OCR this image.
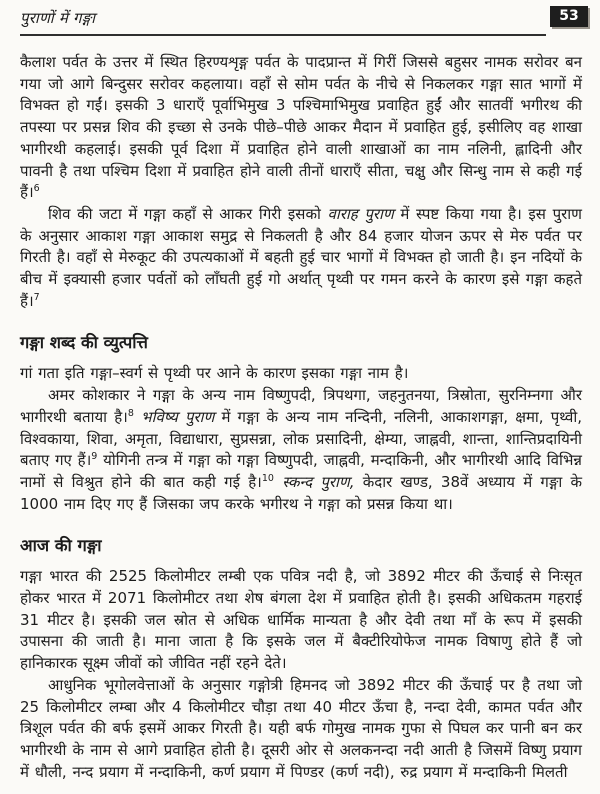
पुराणों में गङ्गा	53

कैलाश पर्वत के उत्तर में स्थित हिरण्यशृङ्ग पर्वत के पादप्रान्त में गिरीं जिससे बहुसर नामक सरोवर बन गया जो आगे बिन्दुसर सरोवर कहलाया। वहाँ से सोम पर्वत के नीचे से निकलकर गङ्गा सात भागों में विभक्त हो गईं। इसकी 3 धाराएँ पूर्वाभिमुख 3 पश्चिमाभिमुख प्रवाहित हुईं और सातवीं भगीरथ की तपस्या पर प्रसन्न शिव की इच्छा से उनके पीछे–पीछे आकर मैदान में प्रवाहित हुई, इसीलिए वह शाखा भागीरथी कहलाई। इसकी पूर्व दिशा में प्रवाहित होने वाली शाखाओं का नाम नलिनी, ह्लादिनी और पावनी है तथा पश्चिम दिशा में प्रवाहित होने वाली तीनों धाराएँ सीता, चक्षु और सिन्धु नाम से कही गई हैं।$^6$

शिव की जटा में गङ्गा कहाँ से आकर गिरी इसको वाराह पुराण में स्पष्ट किया गया है। इस पुराण के अनुसार आकाश गङ्गा आकाश समुद्र से निकलती है और 84 हजार योजन ऊपर से मेरु पर्वत पर गिरती है। वहाँ से मेरुकूट की उपत्यकाओं में बहती हुई चार भागों में विभक्त हो जाती है। इन नदियों के बीच में इक्यासी हजार पर्वतों को लाँघती हुई गो अर्थात् पृथ्वी पर गमन करने के कारण इसे गङ्गा कहते हैं।$^7$

गङ्गा शब्द की व्युत्पत्ति

गां गता इति गङ्गा–स्वर्ग से पृथ्वी पर आने के कारण इसका गङ्गा नाम है।

अमर कोशकार ने गङ्गा के अन्य नाम विष्णुपदी, त्रिपथगा, जहनुतनया, त्रिस्रोता, सुरनिम्नगा और भागीरथी बताया है।$^8$ भविष्य पुराण में गङ्गा के अन्य नाम नन्दिनी, नलिनी, आकाशगङ्गा, क्षमा, पृथ्वी, विश्वकाया, शिवा, अमृता, विद्याधारा, सुप्रसन्ना, लोक प्रसादिनी, क्षेम्या, जाह्नवी, शान्ता, शान्तिप्रदायिनी बताए गए हैं।$^9$ योगिनी तन्त्र में गङ्गा को गङ्गा विष्णुपदी, जाह्नवी, मन्दाकिनी, और भागीरथी आदि विभिन्न नामों से विश्रुत होने की बात कही गई है।$^{10}$ स्कन्द पुराण, केदार खण्ड, 38वें अध्याय में गङ्गा के 1000 नाम दिए गए हैं जिसका जप करके भगीरथ ने गङ्गा को प्रसन्न किया था।

आज की गङ्गा

गङ्गा भारत की 2525 किलोमीटर लम्बी एक पवित्र नदी है, जो 3892 मीटर की ऊँचाई से निःसृत होकर भारत में 2071 किलोमीटर तथा शेष बंगला देश में प्रवाहित होती है। इसकी अधिकतम गहराई 31 मीटर है। इसकी जल स्रोत से अधिक धार्मिक मान्यता है और देवी तथा माँ के रूप में इसकी उपासना की जाती है। माना जाता है कि इसके जल में बैक्टीरियोफेज नामक विषाणु होते हैं जो हानिकारक सूक्ष्म जीवों को जीवित नहीं रहने देते।

आधुनिक भूगोलवेत्ताओं के अनुसार गङ्गोत्री हिमनद जो 3892 मीटर की ऊँचाई पर है तथा जो 25 किलोमीटर लम्बा और 4 किलोमीटर चौड़ा तथा 40 मीटर ऊँचा है, नन्दा देवी, कामत पर्वत और त्रिशूल पर्वत की बर्फ इसमें आकर गिरती है। यही बर्फ गोमुख नामक गुफा से पिघल कर पानी बन कर भागीरथी के नाम से आगे प्रवाहित होती है। दूसरी ओर से अलकनन्दा नदी आती है जिसमें विष्णु प्रयाग में धौली, नन्द प्रयाग में नन्दाकिनी, कर्ण प्रयाग में पिण्डर (कर्ण नदी), रुद्र प्रयाग में मन्दाकिनी मिलती
